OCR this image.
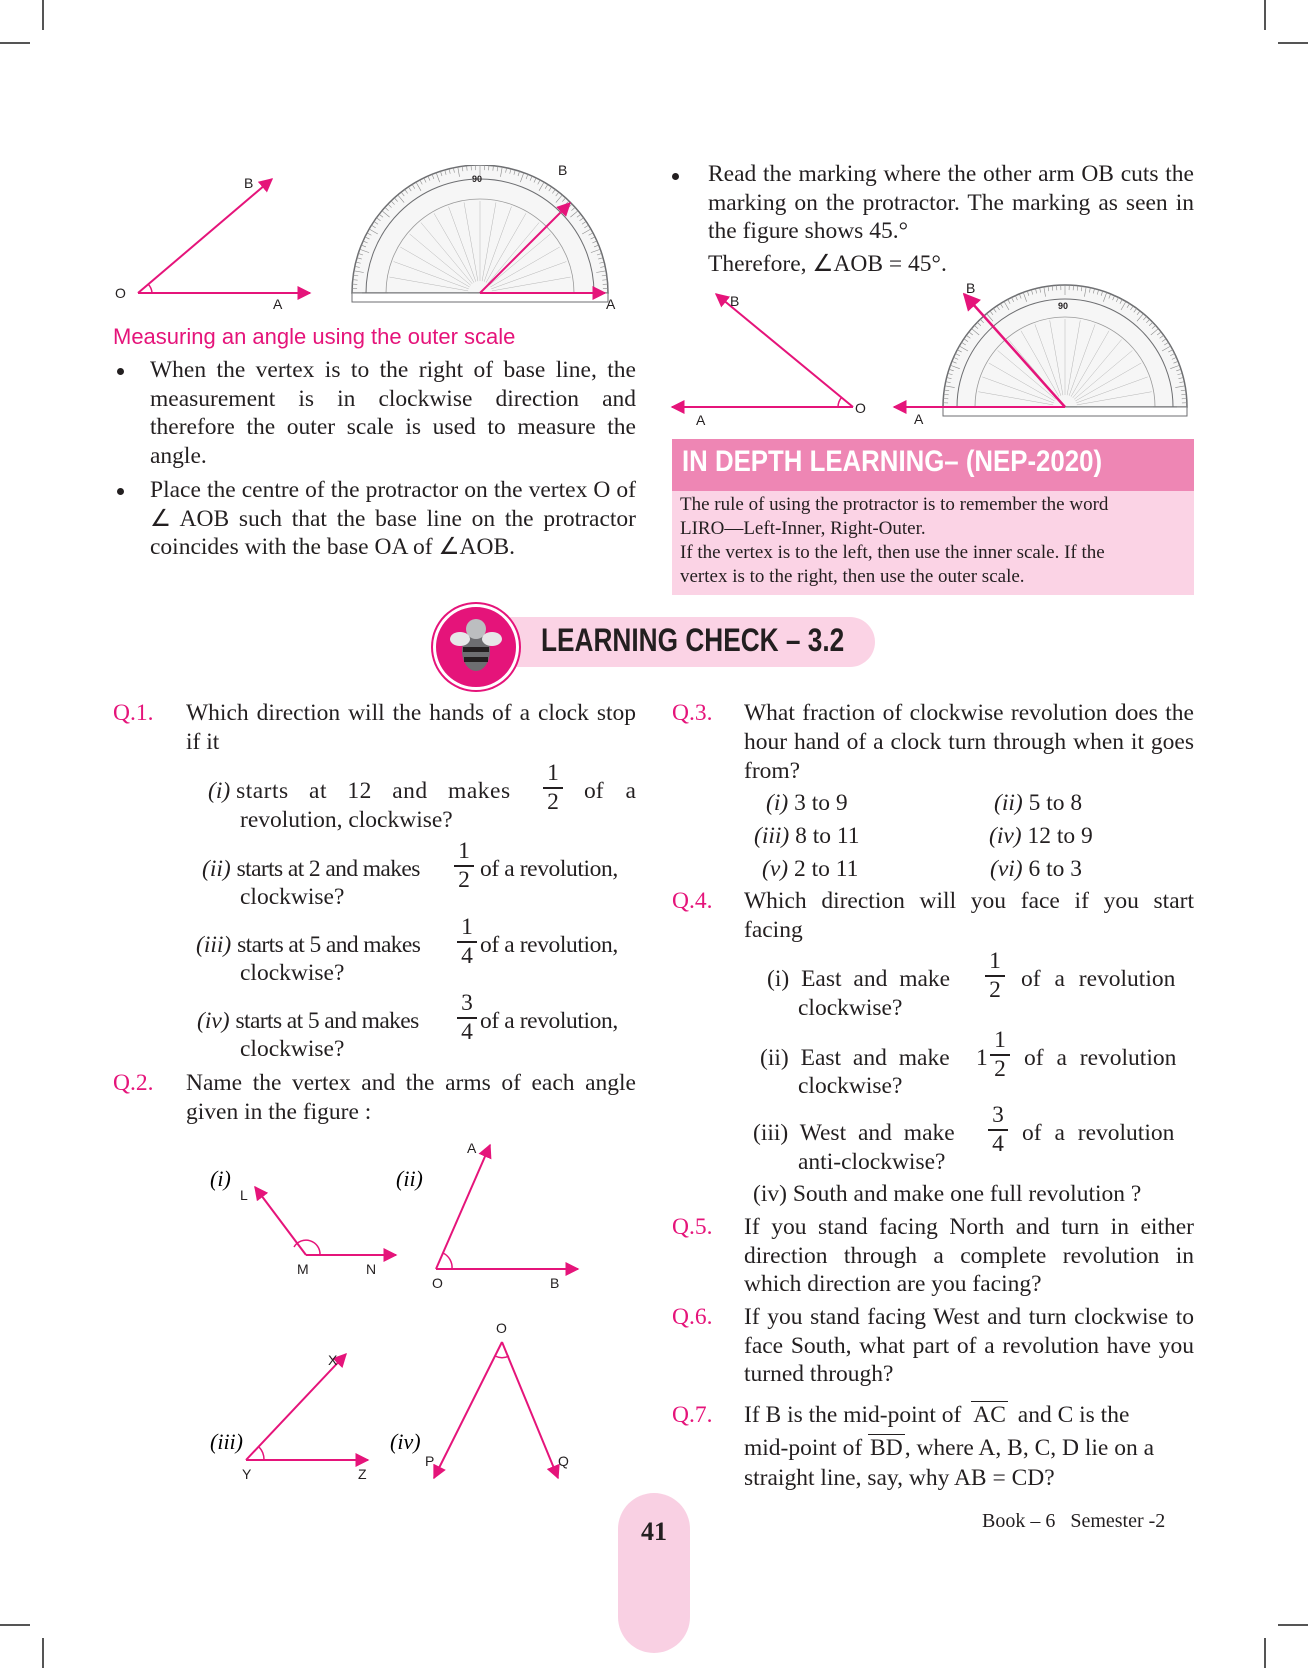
O
A
B	90
B
A
Measuring an angle using the outer scale
When the vertex is to the right of base line, the measurement is in clockwise direction and therefore the outer scale is used to measure the angle.
Place the centre of the protractor on the vertex O of ∠ AOB such that the base line on the protractor coincides with the base OA of ∠AOB.
Read the marking where the other arm OB cuts the marking on the protractor. The marking as seen in the figure shows 45.°
Therefore, ∠AOB = 45°.
O
A
B	90
B
A
IN DEPTH LEARNING– (NEP-2020)
The rule of using the protractor is to remember the word
LIRO—Left-Inner, Right-Outer.
If the vertex is to the left, then use the inner scale. If the
vertex is to the right, then use the outer scale.
LEARNING CHECK – 3.2
Q.1. Which direction will the hands of a clock stop if it
(i) starts at 12 and makes
1
2 of a
revolution, clockwise?
(ii) starts at 2 and makes
1
2 of a revolution,
clockwise?
(iii) starts at 5 and makes
1
4 of a revolution,
clockwise?
(iv) starts at 5 and makes
3
4 of a revolution,
clockwise?
Q.2. Name the vertex and the arms of each angle given in the figure :
(i)	(ii)
(iii)	(iv)
L
M	N
A
O	B
X
Y	Z
O
P	Q
Q.3. What fraction of clockwise revolution does the hour hand of a clock turn through when it goes from?
(i) 3 to 9	(ii) 5 to 8
(iii) 8 to 11	(iv) 12 to 9
(v) 2 to 11	(vi) 6 to 3
Q.4. Which direction will you face if you start facing
(i) East and make
1
2 of a revolution
clockwise?
(ii) East and make 1
1
2 of a revolution
clockwise?
(iii) West and make
3
4 of a revolution
anti-clockwise?
(iv) South and make one full revolution ?
Q.5. If you stand facing North and turn in either direction through a complete revolution in which direction are you facing?
Q.6. If you stand facing West and turn clockwise to face South, what part of a revolution have you turned through?
Q.7. If B is the mid-point of AC and C is the
mid-point of BD, where A, B, C, D lie on a
straight line, say, why AB = CD?
Book – 6   Semester -2
41
